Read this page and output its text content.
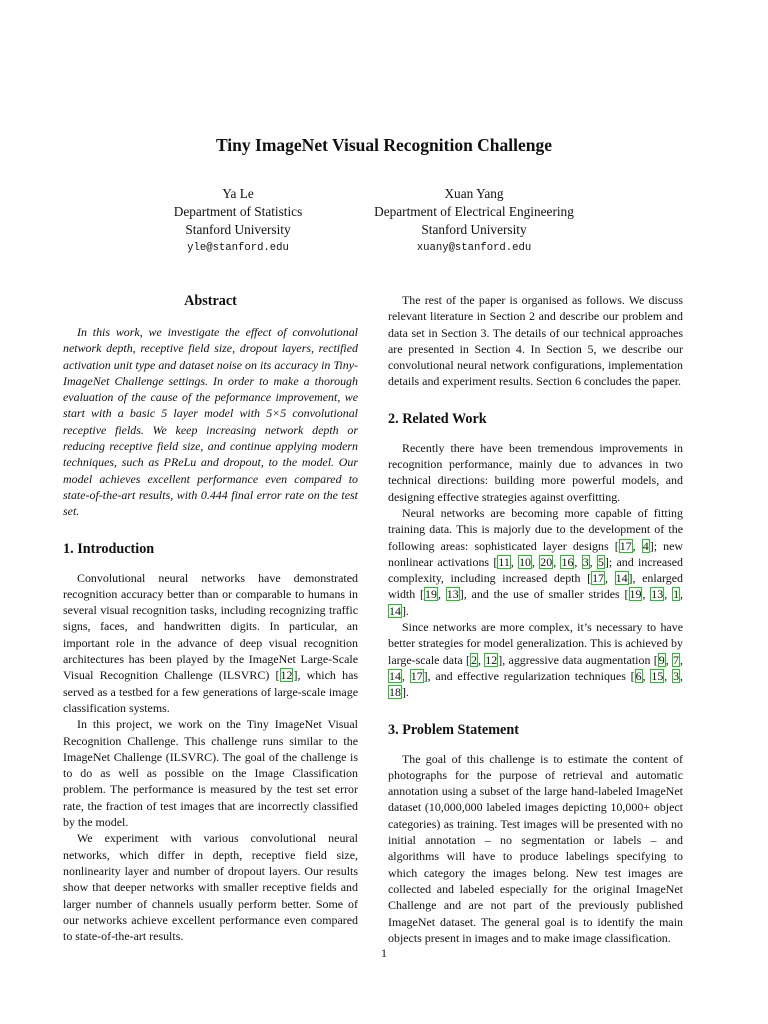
Tiny ImageNet Visual Recognition Challenge
Ya Le
Department of Statistics
Stanford University
yle@stanford.edu
Xuan Yang
Department of Electrical Engineering
Stanford University
xuany@stanford.edu
Abstract

In this work, we investigate the effect of convolutional network depth, receptive field size, dropout layers, rectified activation unit type and dataset noise on its accuracy in Tiny-ImageNet Challenge settings. In order to make a thorough evaluation of the cause of the peformance improvement, we start with a basic 5 layer model with 5×5 convolutional receptive fields. We keep increasing network depth or reducing receptive field size, and continue applying modern techniques, such as PReLu and dropout, to the model. Our model achieves excellent performance even compared to state-of-the-art results, with 0.444 final error rate on the test set.

1. Introduction

Convolutional neural networks have demonstrated recognition accuracy better than or comparable to humans in several visual recognition tasks, including recognizing traffic signs, faces, and handwritten digits. In particular, an important role in the advance of deep visual recognition architectures has been played by the ImageNet Large-Scale Visual Recognition Challenge (ILSVRC) [12], which has served as a testbed for a few generations of large-scale image classification systems.

In this project, we work on the Tiny ImageNet Visual Recognition Challenge. This challenge runs similar to the ImageNet Challenge (ILSVRC). The goal of the challenge is to do as well as possible on the Image Classification problem. The performance is measured by the test set error rate, the fraction of test images that are incorrectly classified by the model.

We experiment with various convolutional neural networks, which differ in depth, receptive field size, nonlinearity layer and number of dropout layers. Our results show that deeper networks with smaller receptive fields and larger number of channels usually perform better. Some of our networks achieve excellent performance even compared to state-of-the-art results.

The rest of the paper is organised as follows. We discuss relevant literature in Section 2 and describe our problem and data set in Section 3. The details of our technical approaches are presented in Section 4. In Section 5, we describe our convolutional neural network configurations, implementation details and experiment results. Section 6 concludes the paper.

2. Related Work

Recently there have been tremendous improvements in recognition performance, mainly due to advances in two technical directions: building more powerful models, and designing effective strategies against overfitting.

Neural networks are becoming more capable of fitting training data. This is majorly due to the development of the following areas: sophisticated layer designs [17, 4]; new nonlinear activations [11, 10, 20, 16, 3, 5]; and increased complexity, including increased depth [17, 14], enlarged width [19, 13], and the use of smaller strides [19, 13, 1, 14].

Since networks are more complex, it’s necessary to have better strategies for model generalization. This is achieved by large-scale data [2, 12], aggressive data augmentation [9, 7, 14, 17], and effective regularization techniques [6, 15, 3, 18].

3. Problem Statement

The goal of this challenge is to estimate the content of photographs for the purpose of retrieval and automatic annotation using a subset of the large hand-labeled ImageNet dataset (10,000,000 labeled images depicting 10,000+ object categories) as training. Test images will be presented with no initial annotation – no segmentation or labels – and algorithms will have to produce labelings specifying to which category the images belong. New test images are collected and labeled especially for the original ImageNet Challenge and are not part of the previously published ImageNet dataset. The general goal is to identify the main objects present in images and to make image classification.

1
